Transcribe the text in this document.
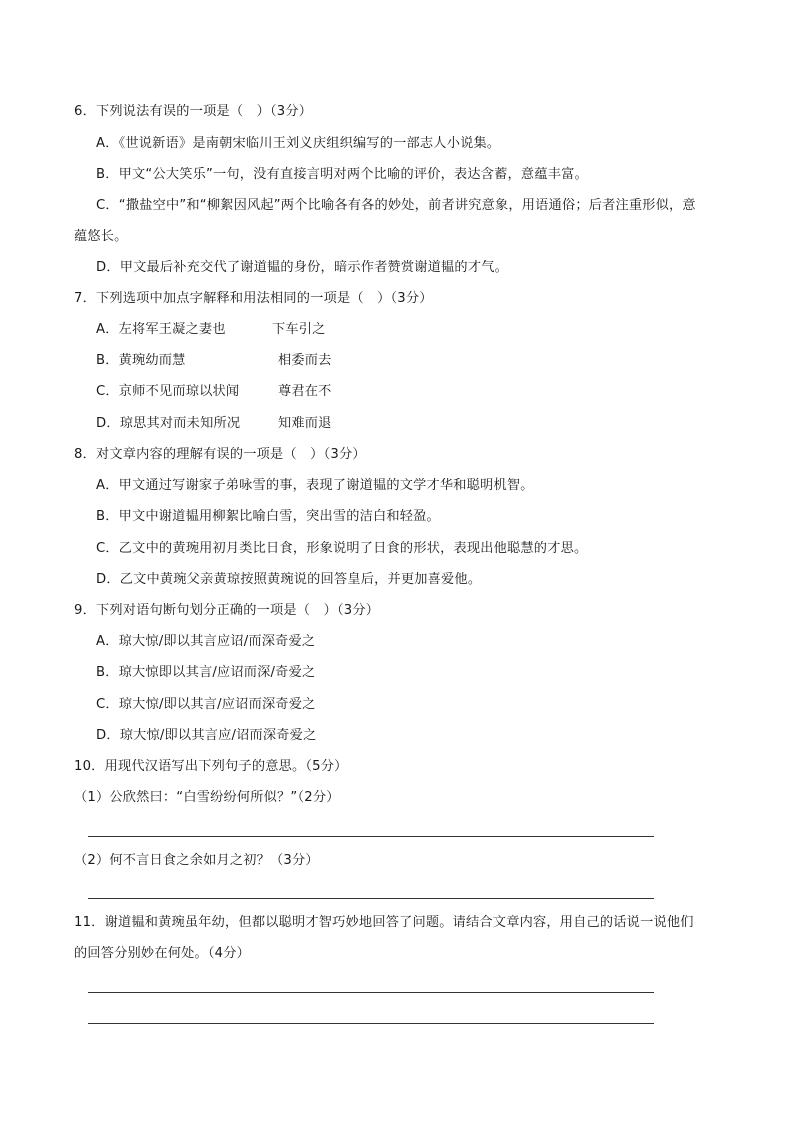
6．下列说法有误的一项是（　）（3分）
A．《世说新语》是南朝宋临川王刘义庆组织编写的一部志人小说集。
B．甲文“公大笑乐”一句，没有直接言明对两个比喻的评价，表达含蓄，意蕴丰富。
C．“撒盐空中”和“柳絮因风起”两个比喻各有各的妙处，前者讲究意象，用语通俗；后者注重形似，意
蕴悠长。
D．甲文最后补充交代了谢道韫的身份，暗示作者赞赏谢道韫的才气。
7．下列选项中加点字解释和用法相同的一项是（　）（3分）
A．左将军王凝之妻也	下车引之
B．黄琬幼而慧	相委而去
C．京师不见而琼以状闻	尊君在不
D．琼思其对而未知所况	知难而退
8．对文章内容的理解有误的一项是（　）（3分）
A．甲文通过写谢家子弟咏雪的事，表现了谢道韫的文学才华和聪明机智。
B．甲文中谢道韫用柳絮比喻白雪，突出雪的洁白和轻盈。
C．乙文中的黄琬用初月类比日食，形象说明了日食的形状，表现出他聪慧的才思。
D．乙文中黄琬父亲黄琼按照黄琬说的回答皇后，并更加喜爱他。
9．下列对语句断句划分正确的一项是（　）（3分）
A．琼大惊/即以其言应诏/而深奇爱之
B．琼大惊即以其言/应诏而深/奇爱之
C．琼大惊/即以其言/应诏而深奇爱之
D．琼大惊/即以其言应/诏而深奇爱之
10．用现代汉语写出下列句子的意思。（5分）
（1）公欣然曰：“白雪纷纷何所似？”（2分）
（2）何不言日食之余如月之初？（3分）
11．谢道韫和黄琬虽年幼，但都以聪明才智巧妙地回答了问题。请结合文章内容，用自己的话说一说他们
的回答分别妙在何处。（4分）
